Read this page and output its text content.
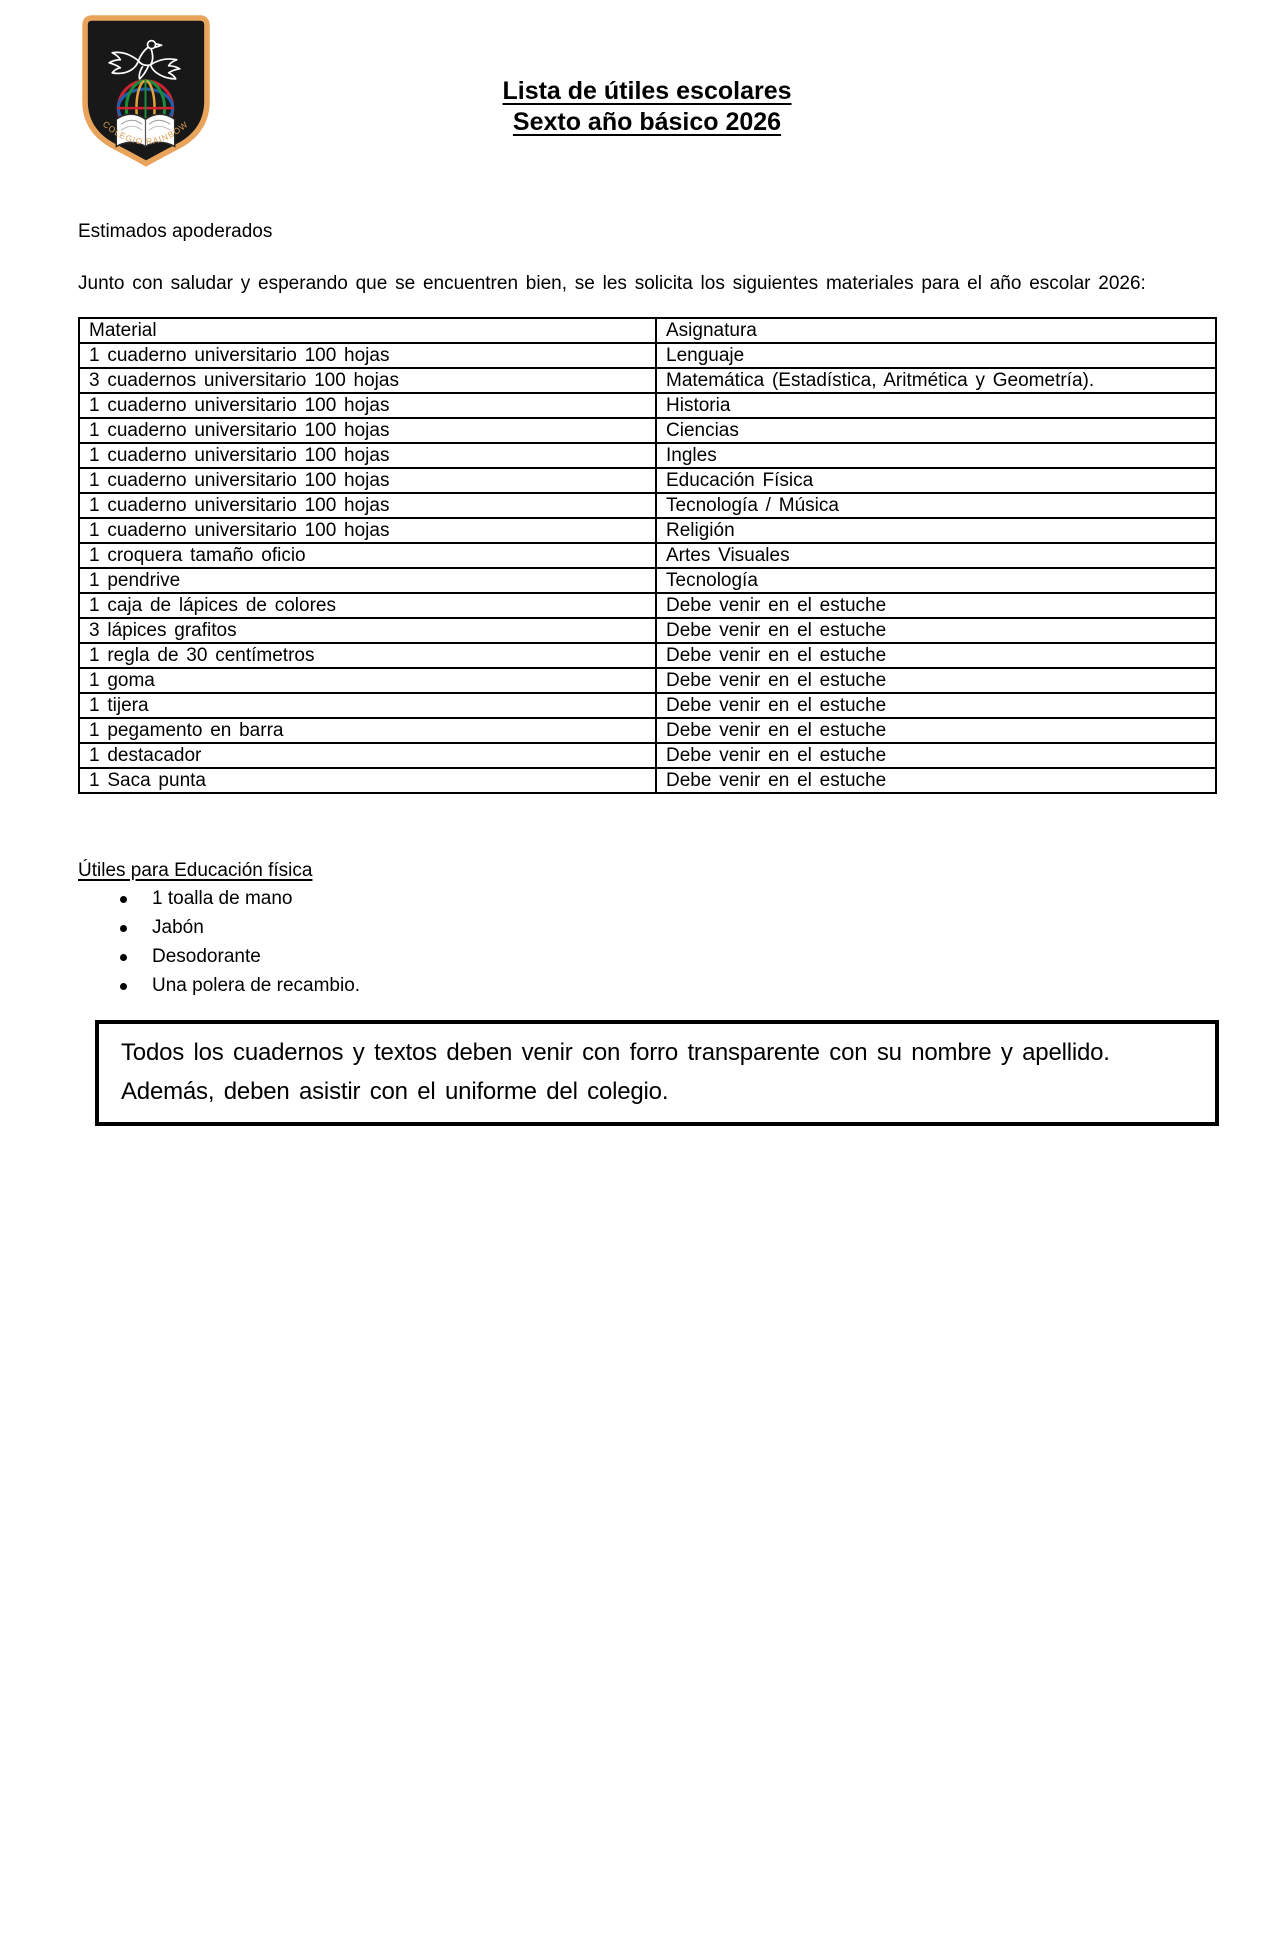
COLEGIO RAINBOW
Lista de útiles escolares
Sexto año básico 2026

Estimados apoderados

Junto con saludar y esperando que se encuentren bien, se les solicita los siguientes materiales para el año escolar 2026:

Material	Asignatura
1 cuaderno universitario 100 hojas	Lenguaje
3 cuadernos universitario 100 hojas	Matemática (Estadística, Aritmética y Geometría).
1 cuaderno universitario 100 hojas	Historia
1 cuaderno universitario 100 hojas	Ciencias
1 cuaderno universitario 100 hojas	Ingles
1 cuaderno universitario 100 hojas	Educación Física
1 cuaderno universitario 100 hojas	Tecnología / Música
1 cuaderno universitario 100 hojas	Religión
1 croquera tamaño oficio	Artes Visuales
1 pendrive	Tecnología
1 caja de lápices de colores	Debe venir en el estuche
3 lápices grafitos	Debe venir en el estuche
1 regla de 30 centímetros	Debe venir en el estuche
1 goma	Debe venir en el estuche
1 tijera	Debe venir en el estuche
1 pegamento en barra	Debe venir en el estuche
1 destacador	Debe venir en el estuche
1 Saca punta	Debe venir en el estuche
Útiles para Educación física
1 toalla de mano
Jabón
Desodorante
Una polera de recambio.

Todos los cuadernos y textos deben venir con forro transparente con su nombre y apellido. Además, deben asistir con el uniforme del colegio.
